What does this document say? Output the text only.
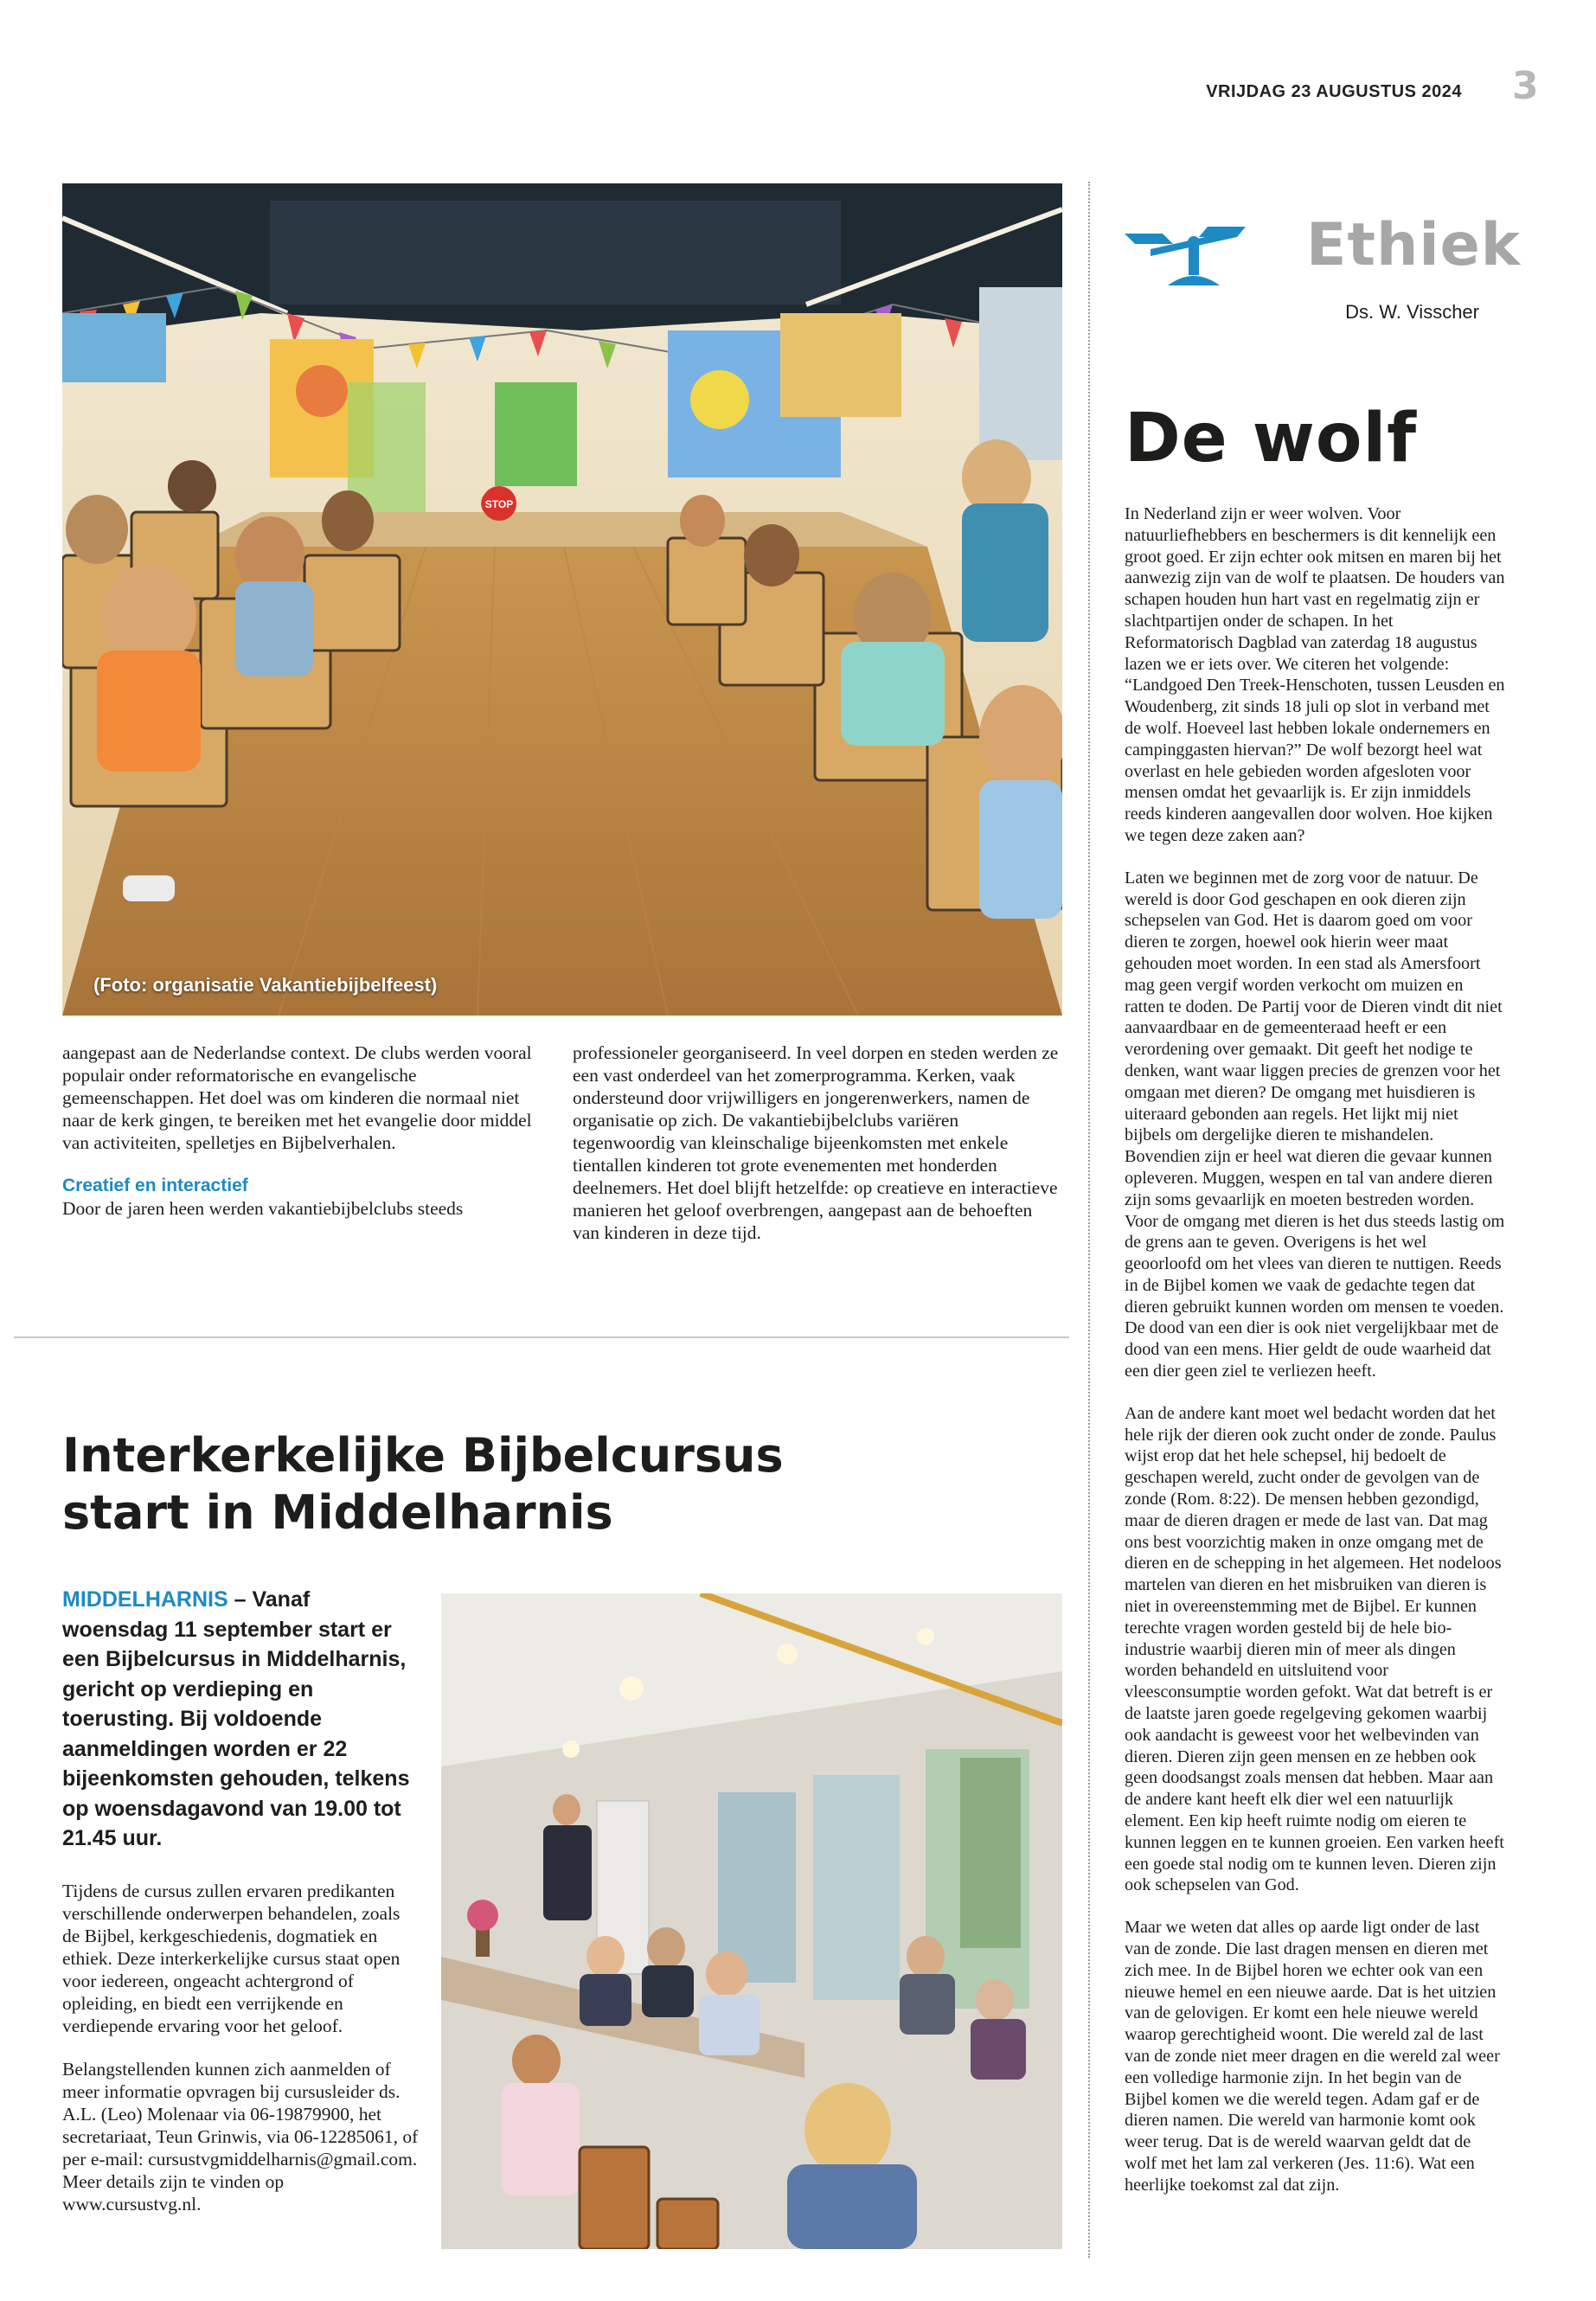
VRIJDAG 23 AUGUSTUS 2024 3
STOP
(Foto: organisatie Vakantiebijbelfeest)

aangepast aan de Nederlandse context. De clubs werden vooral populair onder reformatorische en evangelische gemeenschappen. Het doel was om kinderen die normaal niet naar de kerk gingen, te bereiken met het evangelie door middel van activiteiten, spelletjes en Bijbelverhalen.

Creatief en interactief

Door de jaren heen werden vakantiebijbelclubs steeds

professioneler georganiseerd. In veel dorpen en steden werden ze een vast onderdeel van het zomerprogramma. Kerken, vaak ondersteund door vrijwilligers en jongerenwerkers, namen de organisatie op zich. De vakantiebijbelclubs variëren tegenwoordig van kleinschalige bijeenkomsten met enkele tientallen kinderen tot grote evenementen met honderden deelnemers. Het doel blijft hetzelfde: op creatieve en interactieve manieren het geloof overbrengen, aangepast aan de behoeften van kinderen in deze tijd.

Interkerkelijke Bijbelcursus
start in Middelharnis
MIDDELHARNIS – Vanaf woensdag 11 september start er een Bijbelcursus in Middelharnis, gericht op verdieping en toerusting. Bij voldoende aanmeldingen worden er 22 bijeenkomsten gehouden, telkens op woensdagavond van 19.00 tot 21.45 uur.

Tijdens de cursus zullen ervaren predikanten verschillende onderwerpen behandelen, zoals de Bijbel, kerkgeschiedenis, dogmatiek en ethiek. Deze interkerkelijke cursus staat open voor iedereen, ongeacht achtergrond of opleiding, en biedt een verrijkende en verdiepende ervaring voor het geloof.

Belangstellenden kunnen zich aanmelden of meer informatie opvragen bij cursusleider ds. A.L. (Leo) Molenaar via 06-19879900, het secretariaat, Teun Grinwis, via 06-12285061, of per e-mail: cursustvgmiddelharnis@gmail.com. Meer details zijn te vinden op www.cursustvg.nl.

Ethiek
Ds. W. Visscher
De wolf

In Nederland zijn er weer wolven. Voor natuurliefhebbers en beschermers is dit kennelijk een groot goed. Er zijn echter ook mitsen en maren bij het aanwezig zijn van de wolf te plaatsen. De houders van schapen houden hun hart vast en regelmatig zijn er slachtpartijen onder de schapen. In het Reformatorisch Dagblad van zaterdag 18 augustus lazen we er iets over. We citeren het volgende: “Landgoed Den Treek-Henschoten, tussen Leusden en Woudenberg, zit sinds 18 juli op slot in verband met de wolf. Hoeveel last hebben lokale ondernemers en campinggasten hiervan?” De wolf bezorgt heel wat overlast en hele gebieden worden afgesloten voor mensen omdat het gevaarlijk is. Er zijn inmiddels reeds kinderen aangevallen door wolven. Hoe kijken we tegen deze zaken aan?

Laten we beginnen met de zorg voor de natuur. De wereld is door God geschapen en ook dieren zijn schepselen van God. Het is daarom goed om voor dieren te zorgen, hoewel ook hierin weer maat gehouden moet worden. In een stad als Amersfoort mag geen vergif worden verkocht om muizen en ratten te doden. De Partij voor de Dieren vindt dit niet aanvaardbaar en de gemeenteraad heeft er een verordening over gemaakt. Dit geeft het nodige te denken, want waar liggen precies de grenzen voor het omgaan met dieren? De omgang met huisdieren is uiteraard gebonden aan regels. Het lijkt mij niet bijbels om dergelijke dieren te mishandelen. Bovendien zijn er heel wat dieren die gevaar kunnen opleveren. Muggen, wespen en tal van andere dieren zijn soms gevaarlijk en moeten bestreden worden. Voor de omgang met dieren is het dus steeds lastig om de grens aan te geven. Overigens is het wel geoorloofd om het vlees van dieren te nuttigen. Reeds in de Bijbel komen we vaak de gedachte tegen dat dieren gebruikt kunnen worden om mensen te voeden. De dood van een dier is ook niet vergelijkbaar met de dood van een mens. Hier geldt de oude waarheid dat een dier geen ziel te verliezen heeft.

Aan de andere kant moet wel bedacht worden dat het hele rijk der dieren ook zucht onder de zonde. Paulus wijst erop dat het hele schepsel, hij bedoelt de geschapen wereld, zucht onder de gevolgen van de zonde (Rom. 8:22). De mensen hebben gezondigd, maar de dieren dragen er mede de last van. Dat mag ons best voorzichtig maken in onze omgang met de dieren en de schepping in het algemeen. Het nodeloos martelen van dieren en het misbruiken van dieren is niet in overeenstemming met de Bijbel. Er kunnen terechte vragen worden gesteld bij de hele bio-industrie waarbij dieren min of meer als dingen worden behandeld en uitsluitend voor vleesconsumptie worden gefokt. Wat dat betreft is er de laatste jaren goede regelgeving gekomen waarbij ook aandacht is geweest voor het welbevinden van dieren. Dieren zijn geen mensen en ze hebben ook geen doodsangst zoals mensen dat hebben. Maar aan de andere kant heeft elk dier wel een natuurlijk element. Een kip heeft ruimte nodig om eieren te kunnen leggen en te kunnen groeien. Een varken heeft een goede stal nodig om te kunnen leven. Dieren zijn ook schepselen van God.

Maar we weten dat alles op aarde ligt onder de last van de zonde. Die last dragen mensen en dieren met zich mee. In de Bijbel horen we echter ook van een nieuwe hemel en een nieuwe aarde. Dat is het uitzien van de gelovigen. Er komt een hele nieuwe wereld waarop gerechtigheid woont. Die wereld zal de last van de zonde niet meer dragen en die wereld zal weer een volledige harmonie zijn. In het begin van de Bijbel komen we die wereld tegen. Adam gaf er de dieren namen. Die wereld van harmonie komt ook weer terug. Dat is de wereld waarvan geldt dat de wolf met het lam zal verkeren (Jes. 11:6). Wat een heerlijke toekomst zal dat zijn.
